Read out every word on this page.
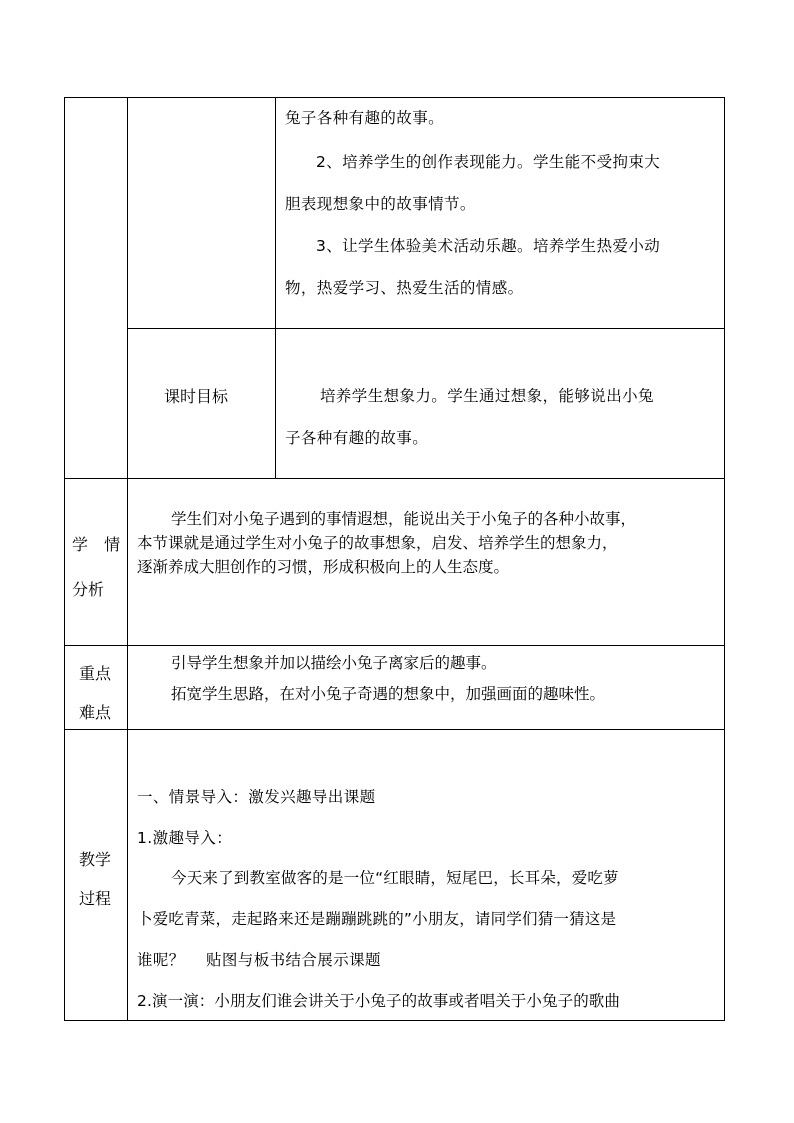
兔子各种有趣的故事。
2、培养学生的创作表现能力。学生能不受拘束大
胆表现想象中的故事情节。
3、让学生体验美术活动乐趣。培养学生热爱小动
物，热爱学习、热爱生活的情感。
课时目标	培养学生想象力。学生通过想象，能够说出小兔
子各种有趣的故事。
学  情
分析
学生们对小兔子遇到的事情遐想，能说出关于小兔子的各种小故事，
本节课就是通过学生对小兔子的故事想象，启发、培养学生的想象力，
逐渐养成大胆创作的习惯，形成积极向上的人生态度。
重点
难点
引导学生想象并加以描绘小兔子离家后的趣事。
拓宽学生思路，在对小兔子奇遇的想象中，加强画面的趣味性。
教学
过程
一、情景导入：激发兴趣导出课题
1.激趣导入：
今天来了到教室做客的是一位“红眼睛，短尾巴，长耳朵，爱吃萝
卜爱吃青菜，走起路来还是蹦蹦跳跳的”小朋友，请同学们猜一猜这是
谁呢？    贴图与板书结合展示课题
2.演一演：小朋友们谁会讲关于小兔子的故事或者唱关于小兔子的歌曲
